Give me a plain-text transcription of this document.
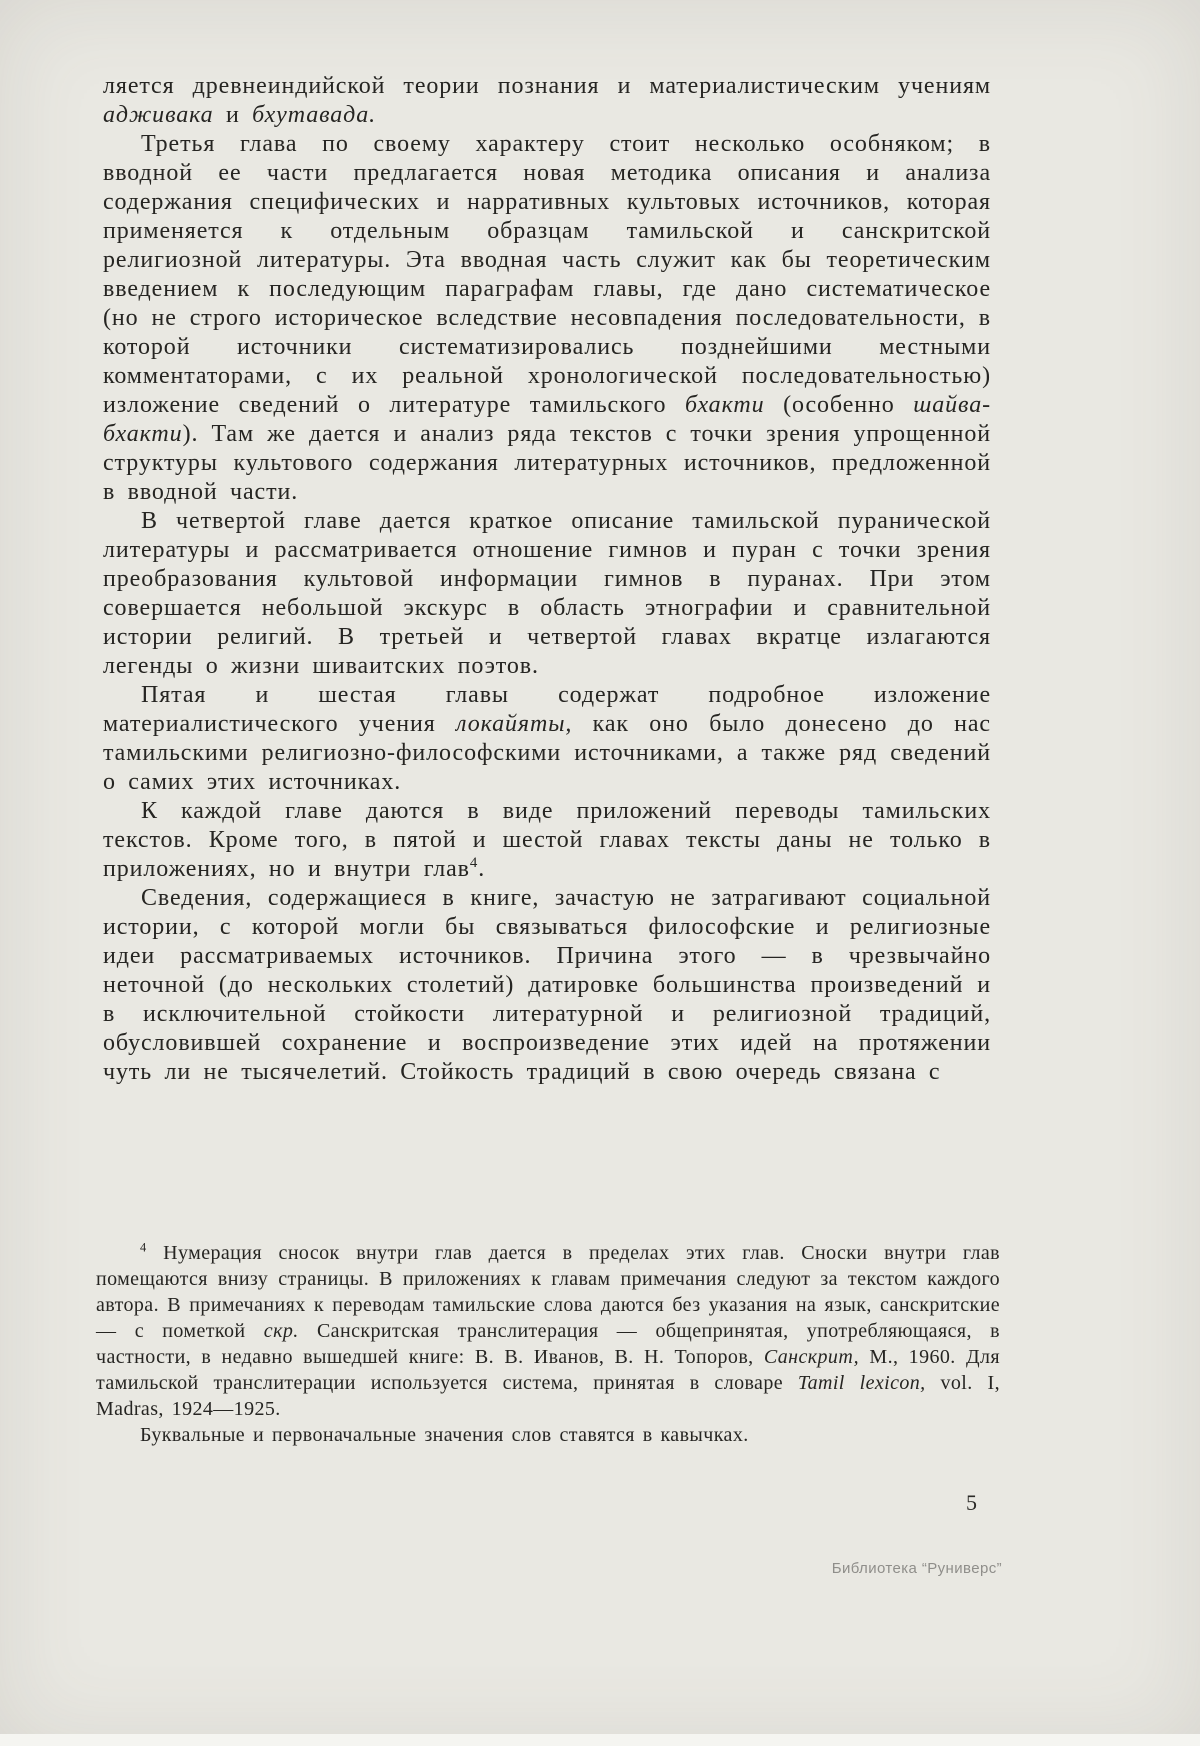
ляется древнеиндийской теории познания и материалистическим учениям адживака и бхутавада.

Третья глава по своему характеру стоит несколько особняком; в вводной ее части предлагается новая методика описания и анализа содержания специфических и нарративных культовых источников, которая применяется к отдельным образцам тамильской и санскритской религиозной литературы. Эта вводная часть служит как бы теоретическим введением к последующим параграфам главы, где дано систематическое (но не строго историческое вследствие несовпадения последовательности, в которой источники систематизировались позднейшими местными комментаторами, с их реальной хронологической последовательностью) изложение сведений о литературе тамильского бхакти (особенно шайва-бхакти). Там же дается и анализ ряда текстов с точки зрения упрощенной структуры культового содержания литературных источников, предложенной в вводной части.

В четвертой главе дается краткое описание тамильской пуранической литературы и рассматривается отношение гимнов и пуран с точки зрения преобразования культовой информации гимнов в пуранах. При этом совершается небольшой экскурс в область этнографии и сравнительной истории религий. В третьей и четвертой главах вкратце излагаются легенды о жизни шиваитских поэтов.

Пятая и шестая главы содержат подробное изложение материалистического учения локайяты, как оно было донесено до нас тамильскими религиозно-философскими источниками, а также ряд сведений о самих этих источниках.

К каждой главе даются в виде приложений переводы тамильских текстов. Кроме того, в пятой и шестой главах тексты даны не только в приложениях, но и внутри глав$^4$.

Сведения, содержащиеся в книге, зачастую не затрагивают социальной истории, с которой могли бы связываться философские и религиозные идеи рассматриваемых источников. Причина этого — в чрезвычайно неточной (до нескольких столетий) датировке большинства произведений и в исключительной стойкости литературной и религиозной традиций, обусловившей сохранение и воспроизведение этих идей на протяжении чуть ли не тысячелетий. Стойкость традиций в свою очередь связана с

$^4$ Нумерация сносок внутри глав дается в пределах этих глав. Сноски внутри глав помещаются внизу страницы. В приложениях к главам примечания следуют за текстом каждого автора. В примечаниях к переводам тамильские слова даются без указания на язык, санскритские — с пометкой скр. Санскритская транслитерация — общепринятая, употребляющаяся, в частности, в недавно вышедшей книге: В. В. Иванов, В. Н. Топоров, Санскрит, М., 1960. Для тамильской транслитерации используется система, принятая в словаре Tamil lexicon, vol. I, Madras, 1924—1925.

Буквальные и первоначальные значения слов ставятся в кавычках.

5
Библиотека “Руниверс”
